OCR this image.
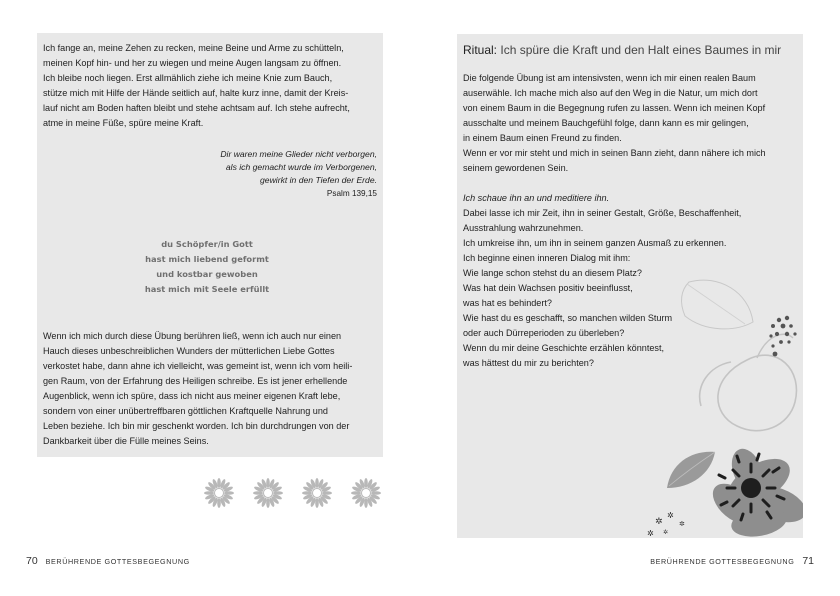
Ich fange an, meine Zehen zu recken, meine Beine und Arme zu schütteln,

meinen Kopf hin- und her zu wiegen und meine Augen langsam zu öffnen.

Ich bleibe noch liegen. Erst allmählich ziehe ich meine Knie zum Bauch,

stütze mich mit Hilfe der Hände seitlich auf, halte kurz inne, damit der Kreis-

lauf nicht am Boden haften bleibt und stehe achtsam auf. Ich stehe aufrecht,

atme in meine Füße, spüre meine Kraft.

Dir waren meine Glieder nicht verborgen,

als ich gemacht wurde im Verborgenen,

gewirkt in den Tiefen der Erde.

Psalm 139,15

du Schöpfer/in Gott

hast mich liebend geformt

und kostbar gewoben

hast mich mit Seele erfüllt

Wenn ich mich durch diese Übung berühren ließ, wenn ich auch nur einen

Hauch dieses unbeschreiblichen Wunders der mütterlichen Liebe Gottes

verkostet habe, dann ahne ich vielleicht, was gemeint ist, wenn ich vom heili-

gen Raum, von der Erfahrung des Heiligen schreibe. Es ist jener erhellende

Augenblick, wenn ich spüre, dass ich nicht aus meiner eigenen Kraft lebe,

sondern von einer unübertreffbaren göttlichen Kraftquelle Nahrung und

Leben beziehe. Ich bin mir geschenkt worden. Ich bin durchdrungen von der

Dankbarkeit über die Fülle meines Seins.

70 BERÜHRENDE GOTTESBEGEGNUNG
Ritual: Ich spüre die Kraft und den Halt eines Baumes in mir

Die folgende Übung ist am intensivsten, wenn ich mir einen realen Baum

auserwähle. Ich mache mich also auf den Weg in die Natur, um mich dort

von einem Baum in die Begegnung rufen zu lassen. Wenn ich meinen Kopf

ausschalte und meinem Bauchgefühl folge, dann kann es mir gelingen,

in einem Baum einen Freund zu finden.

Wenn er vor mir steht und mich in seinen Bann zieht, dann nähere ich mich

seinem gewordenen Sein.

✲
✲
✲
✲
✲

Ich schaue ihn an und meditiere ihn.

Dabei lasse ich mir Zeit, ihn in seiner Gestalt, Größe, Beschaffenheit,

Ausstrahlung wahrzunehmen.

Ich umkreise ihn, um ihn in seinem ganzen Ausmaß zu erkennen.

Ich beginne einen inneren Dialog mit ihm:

Wie lange schon stehst du an diesem Platz?

Was hat dein Wachsen positiv beeinflusst,

was hat es behindert?

Wie hast du es geschafft, so manchen wilden Sturm

oder auch Dürreperioden zu überleben?

Wenn du mir deine Geschichte erzählen könntest,

was hättest du mir zu berichten?

BERÜHRENDE GOTTESBEGEGNUNG 71
